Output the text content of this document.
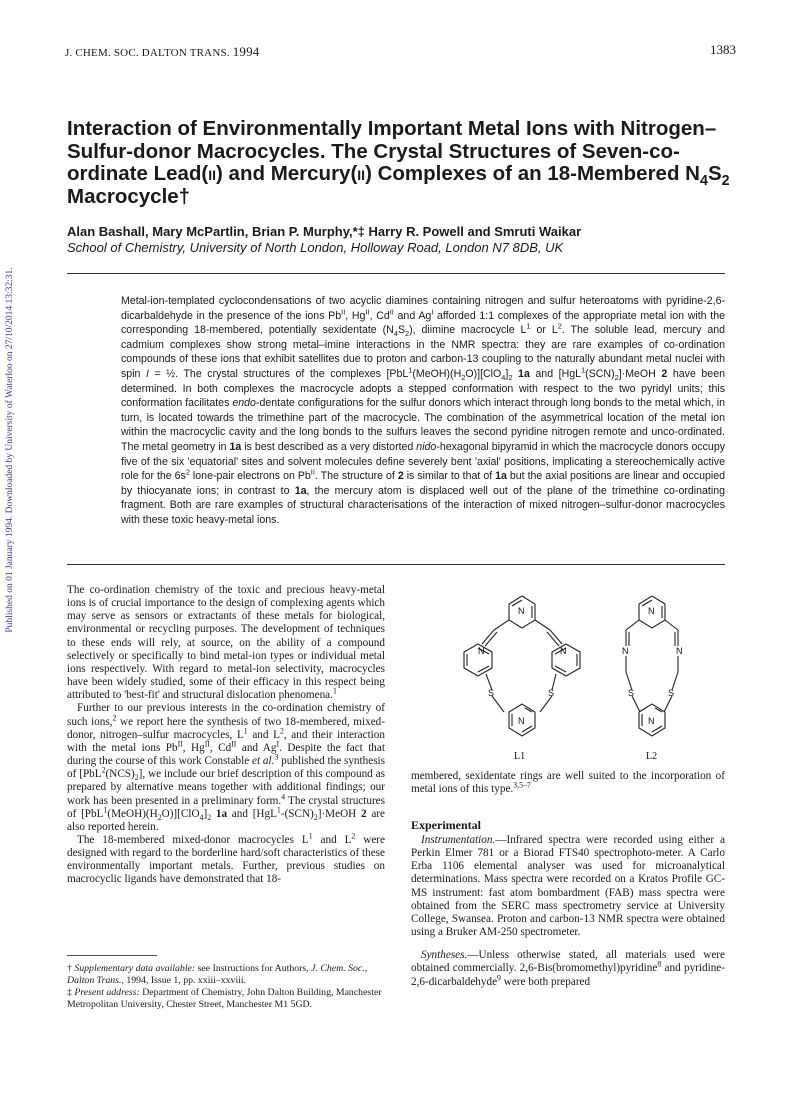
J. CHEM. SOC. DALTON TRANS. 1994	1383
Interaction of Environmentally Important Metal Ions with Nitrogen–Sulfur-donor Macrocycles. The Crystal Structures of Seven-co-ordinate Lead(ii) and Mercury(ii) Complexes of an 18-Membered $N_4S_2$ Macrocycle†
Alan Bashall, Mary McPartlin, Brian P. Murphy,*‡ Harry R. Powell and Smruti Waikar
School of Chemistry, University of North London, Holloway Road, London N7 8DB, UK
Published on 01 January 1994. Downloaded by University of Waterloo on 27/10/2014 13:32:31.	Metal-ion-templated cyclocondensations of two acyclic diamines containing nitrogen and sulfur heteroatoms with pyridine-2,6-dicarbaldehyde in the presence of the ions $Pb^{II}$, $Hg^{II}$, $Cd^{II}$ and $Ag^I$ afforded 1:1 complexes of the appropriate metal ion with the corresponding 18-membered, potentially sexidentate $(N_4S_2)$, diimine macrocycle $L^1$ or $L^2$. The soluble lead, mercury and cadmium complexes show strong metal–imine interactions in the NMR spectra: they are rare examples of co-ordination compounds of these ions that exhibit satellites due to proton and carbon-13 coupling to the naturally abundant metal nuclei with spin I = ½. The crystal structures of the complexes $[PbL^1(MeOH)(H_2O)][ClO_4]_2$ 1a and $[HgL^1(SCN)_2]\cdot MeOH$ 2 have been determined. In both complexes the macrocycle adopts a stepped conformation with respect to the two pyridyl units; this conformation facilitates endo-dentate configurations for the sulfur donors which interact through long bonds to the metal which, in turn, is located towards the trimethine part of the macrocycle. The combination of the asymmetrical location of the metal ion within the macrocyclic cavity and the long bonds to the sulfurs leaves the second pyridine nitrogen remote and unco-ordinated. The metal geometry in 1a is best described as a very distorted nido-hexagonal bipyramid in which the macrocycle donors occupy five of the six 'equatorial' sites and solvent molecules define severely bent 'axial' positions, implicating a stereochemically active role for the $6s^2$ lone-pair electrons on $Pb^{II}$. The structure of 2 is similar to that of 1a but the axial positions are linear and occupied by thiocyanate ions; in contrast to 1a, the mercury atom is displaced well out of the plane of the trimethine co-ordinating fragment. Both are rare examples of structural characterisations of the interaction of mixed nitrogen–sulfur-donor macrocycles with these toxic heavy-metal ions.

The co-ordination chemistry of the toxic and precious heavy-metal ions is of crucial importance to the design of complexing agents which may serve as sensors or extractants of these metals for biological, environmental or recycling purposes. The development of techniques to these ends will rely, at source, on the ability of a compound selectively or specifically to bind metal-ion types or individual metal ions respectively. With regard to metal-ion selectivity, macrocycles have been widely studied, some of their efficacy in this respect being attributed to 'best-fit' and structural dislocation phenomena.$^1$

Further to our previous interests in the co-ordination chemistry of such ions,$^2$ we report here the synthesis of two 18-membered, mixed-donor, nitrogen–sulfur macrocycles, $L^1$ and $L^2$, and their interaction with the metal ions $Pb^{II}$, $Hg^{II}$, $Cd^{II}$ and $Ag^I$. Despite the fact that during the course of this work Constable et al.$^3$ published the synthesis of $[PbL^2(NCS)_2]$, we include our brief description of this compound as prepared by alternative means together with additional findings; our work has been presented in a preliminary form.$^4$ The crystal structures of $[PbL^1(MeOH)(H_2O)][ClO_4]_2$ 1a and $[HgL^1-(SCN)_2]\cdot MeOH$ 2 are also reported herein.

The 18-membered mixed-donor macrocycles $L^1$ and $L^2$ were designed with regard to the borderline hard/soft characteristics of these environmentally important metals. Further, previous studies on macrocyclic ligands have demonstrated that 18-

† Supplementary data available: see Instructions for Authors, J. Chem. Soc., Dalton Trans., 1994, Issue 1, pp. xxiii–xxviii.

‡ Present address: Department of Chemistry, John Dalton Building, Manchester Metropolitan University, Chester Street, Manchester M1 5GD.

N
N	N
S	S
N
N
N	N
S	S
N
L1	L2

membered, sexidentate rings are well suited to the incorporation of metal ions of this type.$^{3,5-7}$

Experimental

Instrumentation.—Infrared spectra were recorded using either a Perkin Elmer 781 or a Biorad FTS40 spectrophoto-meter. A Carlo Erba 1106 elemental analyser was used for microanalytical determinations. Mass spectra were recorded on a Kratos Profile GC-MS instrument: fast atom bombardment (FAB) mass spectra were obtained from the SERC mass spectrometry service at University College, Swansea. Proton and carbon-13 NMR spectra were obtained using a Bruker AM-250 spectrometer.

Syntheses.—Unless otherwise stated, all materials used were obtained commercially. 2,6-Bis(bromomethyl)pyridine$^8$ and pyridine-2,6-dicarbaldehyde$^9$ were both prepared
